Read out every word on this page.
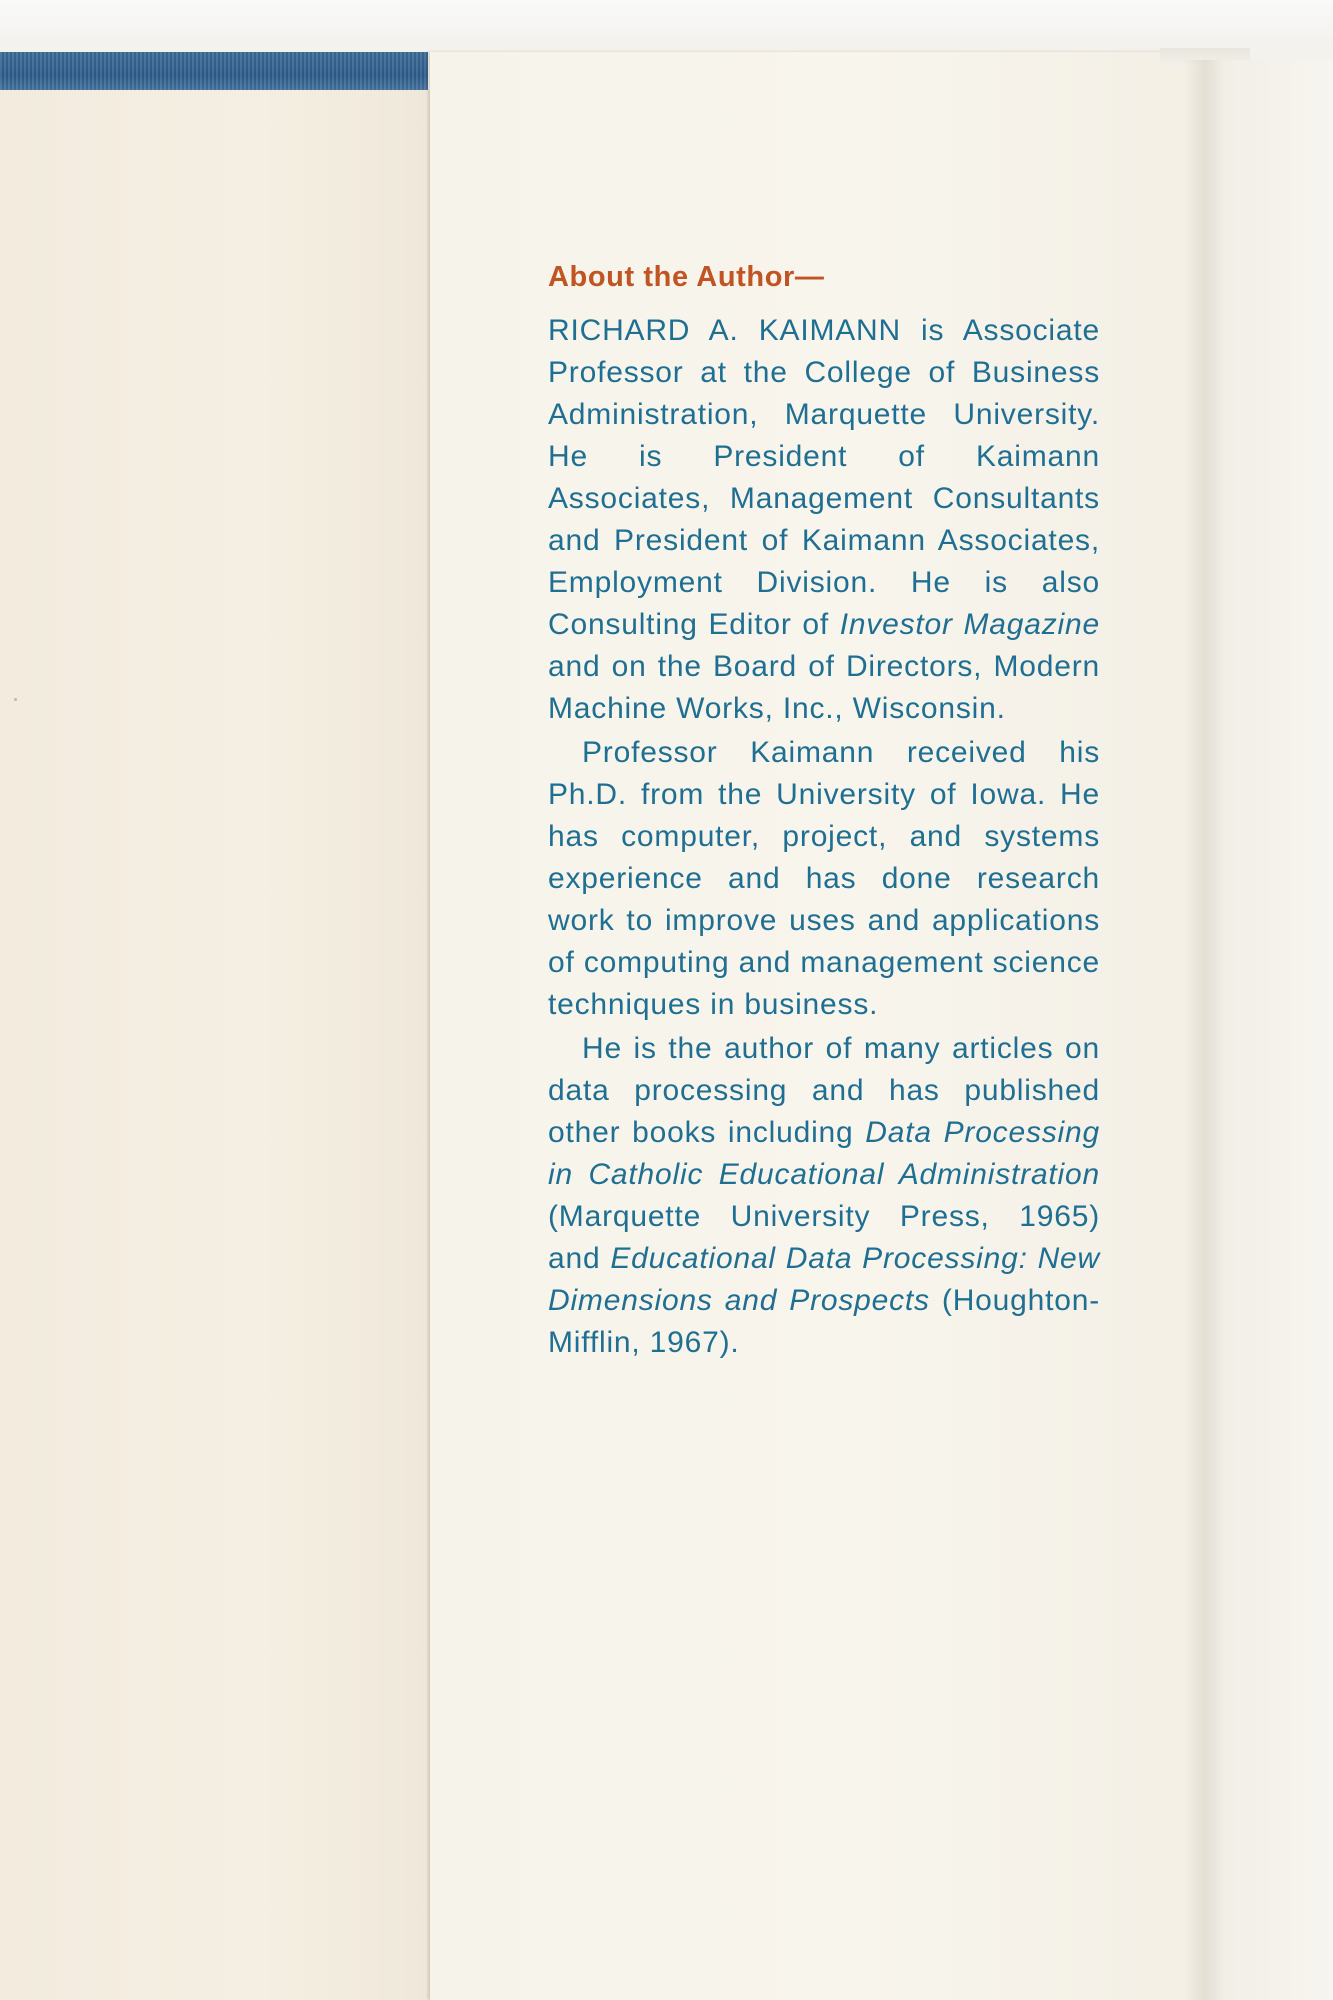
About the Author—

RICHARD A. KAIMANN is Associate Professor at the College of Business Administration, Marquette University. He is President of Kaimann Associates, Management Consultants and President of Kaimann Associates, Employment Division. He is also Consulting Editor of Investor Magazine and on the Board of Directors, Modern Machine Works, Inc., Wisconsin.

Professor Kaimann received his Ph.D. from the University of Iowa. He has computer, project, and systems experience and has done research work to improve uses and applications of computing and management science techniques in business.

He is the author of many articles on data processing and has published other books including Data Processing in Catholic Educational Administration (Marquette University Press, 1965) and Educational Data Processing: New Dimensions and Prospects (Houghton-Mifflin, 1967).
